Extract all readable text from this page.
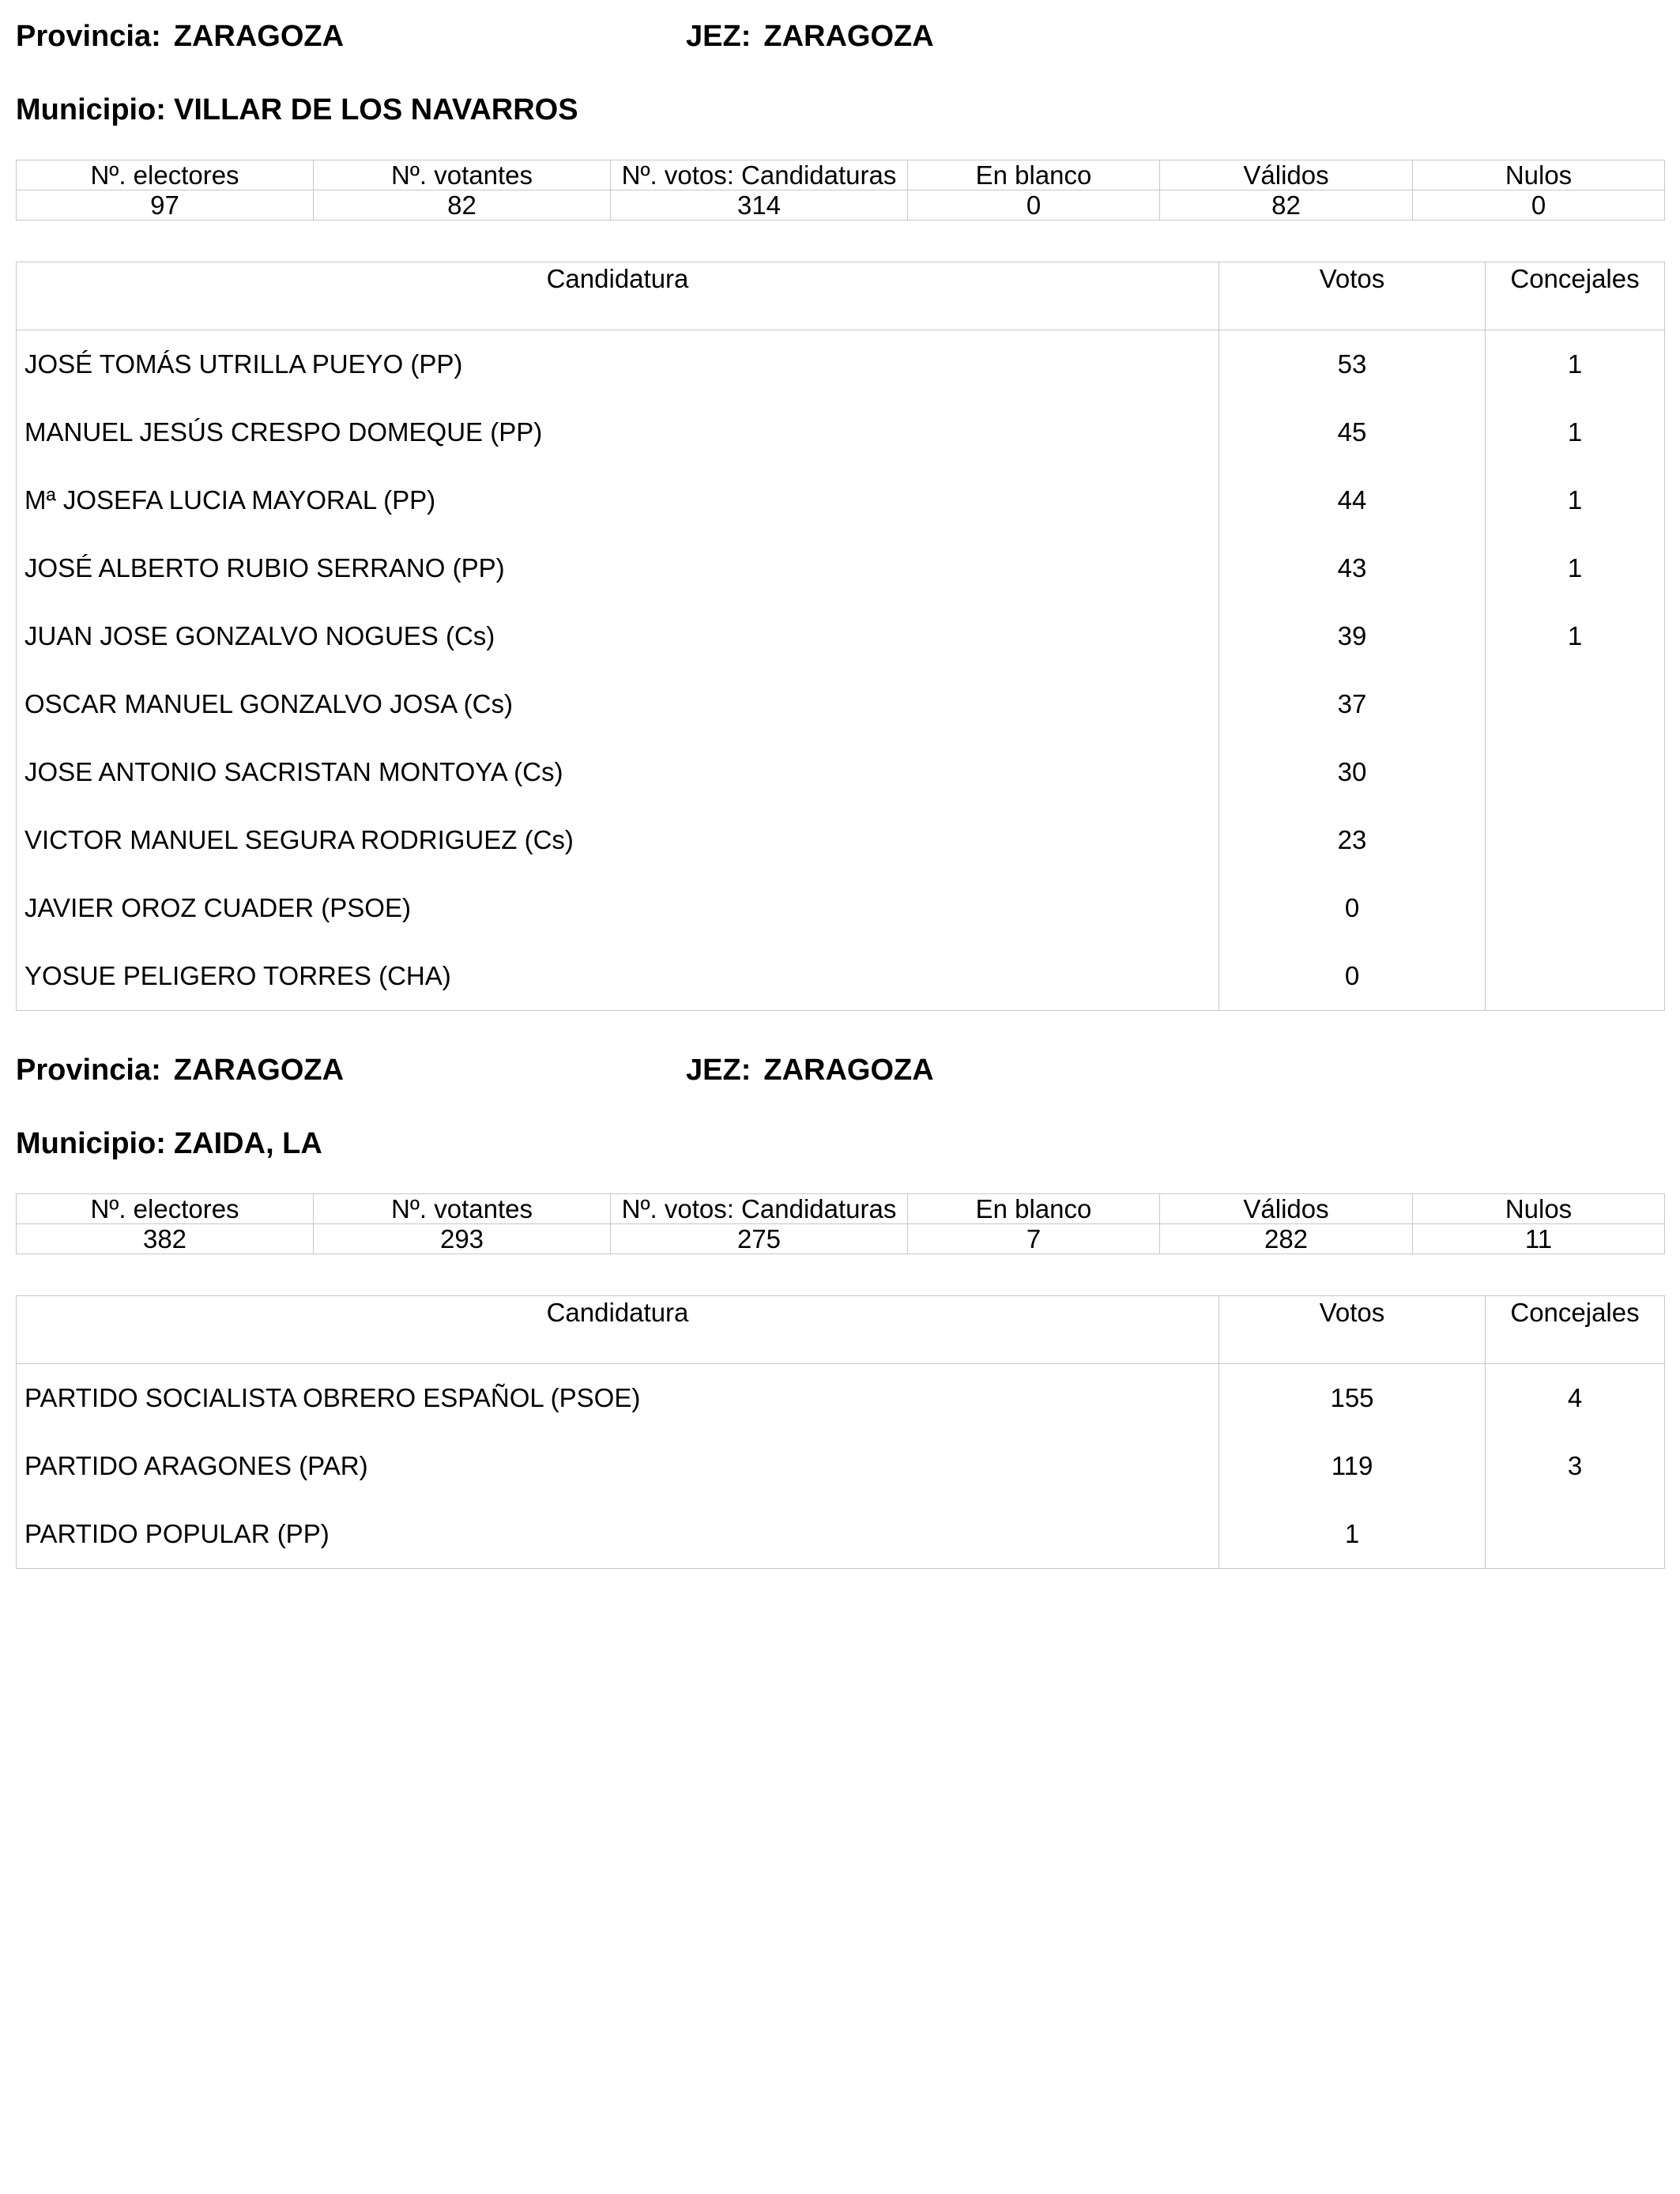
Provincia: ZARAGOZA	JEZ: ZARAGOZA
Municipio: VILLAR DE LOS NAVARROS
Nº. electores	Nº. votantes	Nº. votos: Candidaturas	En blanco	Válidos	Nulos
97	82	314	0	82	0
Candidatura	Votos	Concejales
JOSÉ TOMÁS UTRILLA PUEYO (PP)	53	1
MANUEL JESÚS CRESPO DOMEQUE (PP)	45	1
Mª JOSEFA LUCIA MAYORAL (PP)	44	1
JOSÉ ALBERTO RUBIO SERRANO (PP)	43	1
JUAN JOSE GONZALVO NOGUES (Cs)	39	1
OSCAR MANUEL GONZALVO JOSA (Cs)	37	
JOSE ANTONIO SACRISTAN MONTOYA (Cs)	30	
VICTOR MANUEL SEGURA RODRIGUEZ (Cs)	23	
JAVIER OROZ CUADER (PSOE)	0	
YOSUE PELIGERO TORRES (CHA)	0	
Provincia: ZARAGOZA	JEZ: ZARAGOZA
Municipio: ZAIDA, LA
Nº. electores	Nº. votantes	Nº. votos: Candidaturas	En blanco	Válidos	Nulos
382	293	275	7	282	11
Candidatura	Votos	Concejales
PARTIDO SOCIALISTA OBRERO ESPAÑOL (PSOE)	155	4
PARTIDO ARAGONES (PAR)	119	3
PARTIDO POPULAR (PP)	1	
